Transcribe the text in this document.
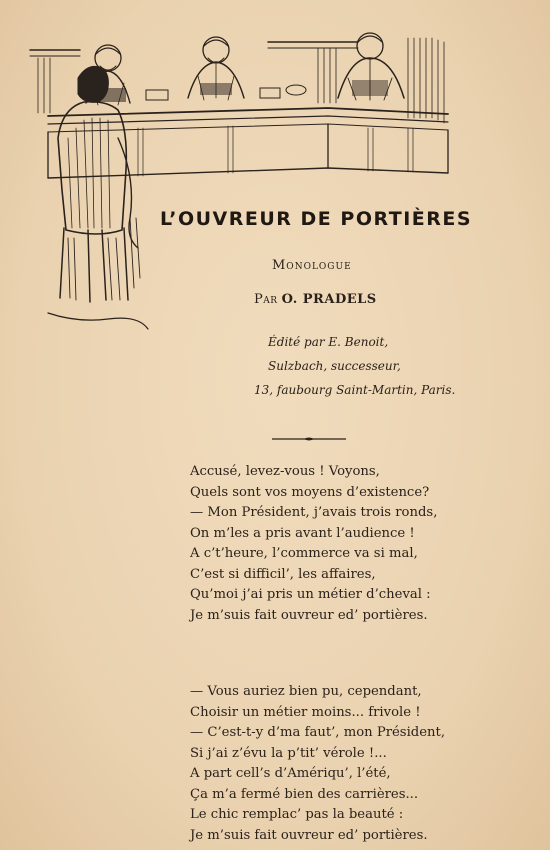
L’OUVREUR DE PORTIÈRES
Monologue
Par O. PRADELS
Édité par E. Benoit,
Sulzbach, successeur,
13, faubourg Saint-Martin, Paris.
Accusé, levez-vous ! Voyons,
Quels sont vos moyens d’existence?
— Mon Président, j’avais trois ronds,
On m’les a pris avant l’audience !
A c’t’heure, l’commerce va si mal,
C’est si difficil’, les affaires,
Qu’moi j’ai pris un métier d’cheval :
Je m’suis fait ouvreur ed’ portières.
— Vous auriez bien pu, cependant,
Choisir un métier moins... frivole !
— C’est-t-y d’ma faut’, mon Président,
Si j’ai z’évu la p’tit’ vérole !...
A part cell’s d’Amériqu’, l’été,
Ça m’a fermé bien des carrières...
Le chic remplac’ pas la beauté :
Je m’suis fait ouvreur ed’ portières.
